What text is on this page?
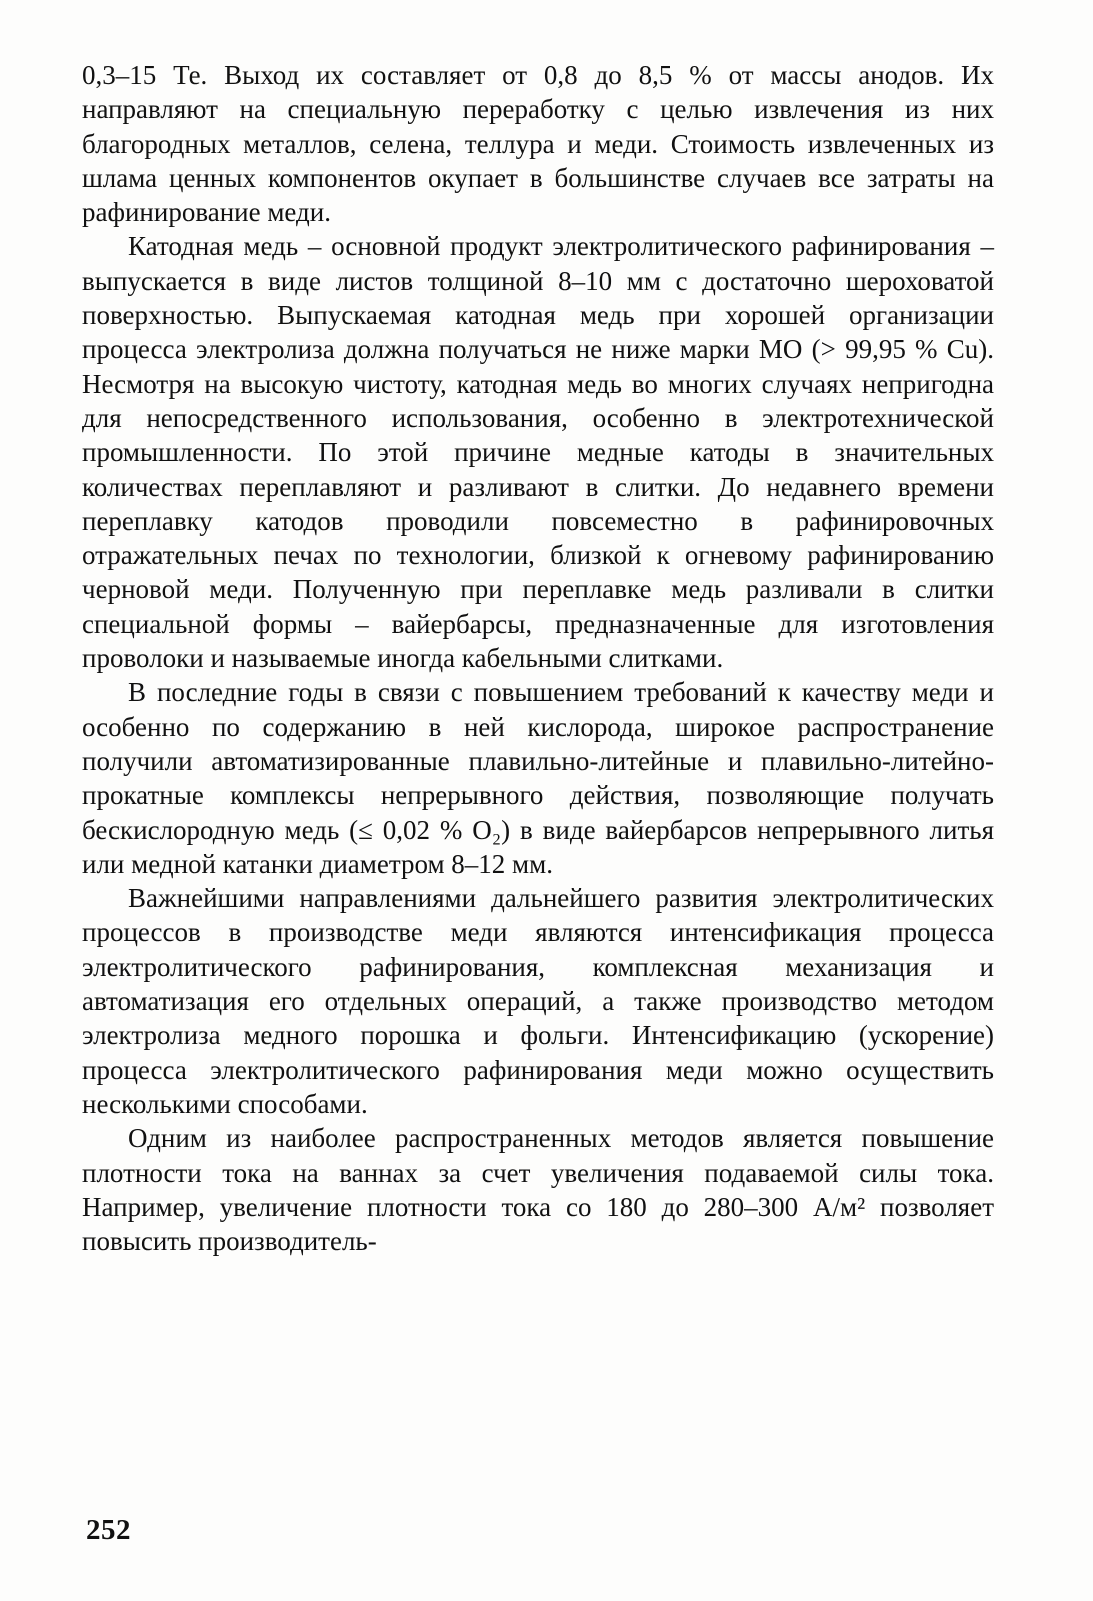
0,3–15 Те. Выход их составляет от 0,8 до 8,5 % от массы анодов. Их направляют на специальную переработку с целью извлечения из них благородных металлов, селена, теллура и меди. Стоимость извлеченных из шлама ценных компонентов окупает в большинстве случаев все затраты на рафинирование меди.

Катодная медь – основной продукт электролитического рафинирования – выпускается в виде листов толщиной 8–10 мм с достаточно шероховатой поверхностью. Выпускаемая катодная медь при хорошей организации процесса электролиза должна получаться не ниже марки МО (> 99,95 % Cu). Несмотря на высокую чистоту, катодная медь во многих случаях непригодна для непосредственного использования, особенно в электротехнической промышленности. По этой причине медные катоды в значительных количествах переплавляют и разливают в слитки. До недавнего времени переплавку катодов проводили повсеместно в рафинировочных отражательных печах по технологии, близкой к огневому рафинированию черновой меди. Полученную при переплавке медь разливали в слитки специальной формы – вайербарсы, предназначенные для изготовления проволоки и называемые иногда кабельными слитками.

В последние годы в связи с повышением требований к качеству меди и особенно по содержанию в ней кислорода, широкое распространение получили автоматизированные плавильно-литейные и плавильно-литейно-прокатные комплексы непрерывного действия, позволяющие получать бескислородную медь (≤ 0,02 % O₂) в виде вайербарсов непрерывного литья или медной катанки диаметром 8–12 мм.

Важнейшими направлениями дальнейшего развития электролитических процессов в производстве меди являются интенсификация процесса электролитического рафинирования, комплексная механизация и автоматизация его отдельных операций, а также производство методом электролиза медного порошка и фольги. Интенсификацию (ускорение) процесса электролитического рафинирования меди можно осуществить несколькими способами.

Одним из наиболее распространенных методов является повышение плотности тока на ваннах за счет увеличения подаваемой силы тока. Например, увеличение плотности тока со 180 до 280–300 А/м² позволяет повысить производитель-

252
